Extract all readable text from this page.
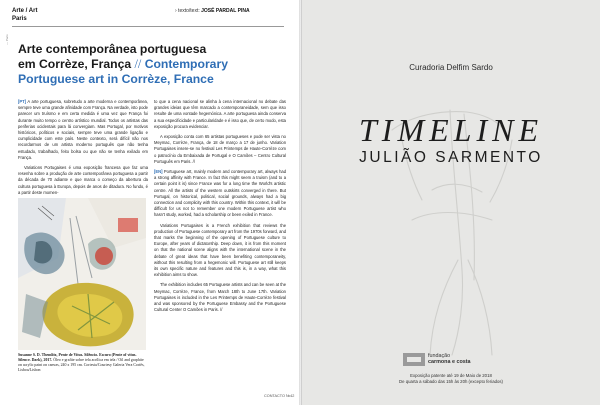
Arte / Art
Paris
› texto/text: JOSÉ PARDAL PINA
— Paris
Arte contemporânea portuguesa
em Corrèze, França // Contemporary
Portuguese art in Corrèze, France

[PT] A arte portuguesa, sobretudo a arte moderna e contemporânea, sempre teve uma grande afinidade com França. Na verdade, isto pode parecer um truísmo e em certa medida é uma vez que França foi durante muito tempo o centro artístico mundial. Todos os artistas das periferias ocidentais para lá convergiam. Mas Portugal, por motivos históricos, políticos e sociais, sempre teve uma grande ligação e cumplicidade com este país. Neste contexto, será difícil não nos recordarmos de um artista moderno português que não tenha estudado, trabalhado, feito bolsa ou que não se tenha exilado em França.

Variations Portugaises é uma exposição francesa que faz uma resenha sobre a produção de arte contemporânea portuguesa a partir da década de 70 adiante e que marca o começo da abertura da cultura portuguesa à Europa, depois de anos de ditadura. No fundo, é a partir deste momen-

to que a cena nacional se alinha à cena internacional no debate das grandes ideias que têm marcado a contemporaneidade, sem que isso resulte de uma vontade hegemónica. A arte portuguesa ainda conserva a sua especificidade e particularidade e é isso que, de certo modo, esta exposição procura evidenciar.

A exposição conta com 65 artistas portugueses e pode ser vista no Meymac, Corrèze, França, de 18 de março a 17 de junho. Variation Portugaises insere-se no festival Les Printemps de Haute-Corrèze com o patrocínio da Embaixada de Portugal e O Camões – Centro Cultural Português em Paris. //

[EN] Portuguese art, mainly modern and contemporary art, always had a strong affinity with France. In fact this might seem a truism (and to a certain point it is) since France was for a long time the World's artistic centre. All the artists of the western outskirts converged in there. But Portugal, on historical, political, social grounds, always had a big connection and complicity with this country. Within this context, it will be difficult for us not to remember one modern Portuguese artist who hasn't study, worked, had a scholarship or been exiled in France.

Variations Portugaises is a French exhibition that reviews the production of Portuguese contemporary art from the 1970s forward, and that marks the beginning of the opening of Portuguese culture to Europe, after years of dictatorship. Deep down, it is from this moment on that the national scene aligns with the international scene in the debate of great ideas that have been benefiting contemporaneity, without this resulting from a hegemonic will. Portuguese art still keeps its own specific nature and features and this is, in a way, what this exhibition aims to show.

The exhibition includes 65 Portuguese artists and can be seen at the Meymac, Corrèze, France, from March 18th to June 17th. Variation Portugaises is included in the Les Printemps de Haute-Corrèze festival and was sponsored by the Portuguese Embassy and the Portuguese Cultural Center O Camões in Paris. //

Susanne S. D. Themlitz, Pente de Vitus. Silêncio. Escuro (Pente of vitus. Silence. Dark), 2017. Óleo e grafite sobre tela acrílica em tela / Oil and graphite on acrylic paint on canvas, 240 x 195 cm. Cortesia/Courtesy Galeria Vera Cortês, Lisboa/Lisbon
CONTACTO №42
Curadoria Delfim Sardo
TIMELINE
JULIÃO SARMENTO
fundação
carmona e costa
Exposição patente até 19 de Maio de 2018
De quarta a sábado das 15h às 20h (excepto feriados)
